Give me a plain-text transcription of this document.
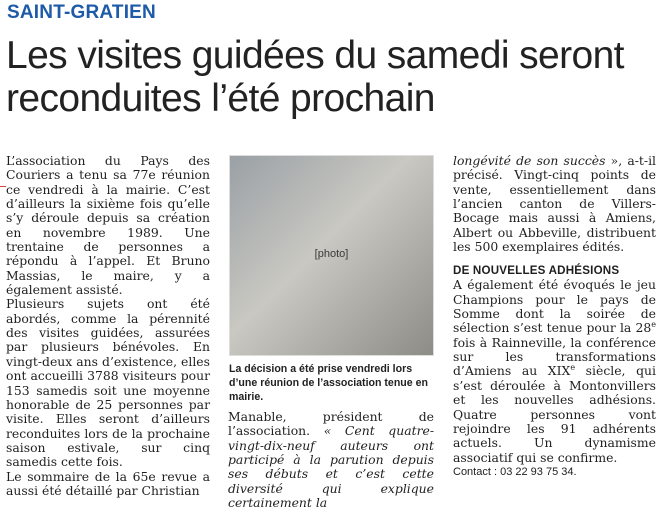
SAINT-GRATIEN
Les visites guidées du samedi seront reconduites l’été prochain

L’association du Pays des Couriers a tenu sa 77e réunion ce vendredi à la mairie. C’est d’ailleurs la sixième fois qu’elle s’y déroule depuis sa création en novembre 1989. Une trentaine de personnes a répondu à l’appel. Et Bruno Massias, le maire, y a également assisté.

Plusieurs sujets ont été abordés, comme la pérennité des visites guidées, assurées par plusieurs bénévoles. En vingt-deux ans d’existence, elles ont accueilli 3788 visiteurs pour 153 samedis soit une moyenne honorable de 25 personnes par visite. Elles seront d’ailleurs reconduites lors de la prochaine saison estivale, sur cinq samedis cette fois.

Le sommaire de la 65e revue a aussi été détaillé par Christian

[photo]

La décision a été prise vendredi lors d’une réunion de l’association tenue en mairie.

Manable, président de l’association. « Cent quatre-vingt-dix-neuf auteurs ont participé à la parution depuis ses débuts et c’est cette diversité qui explique certainement la

longévité de son succès », a-t-il précisé. Vingt-cinq points de vente, essentiellement dans l’ancien canton de Villers-Bocage mais aussi à Amiens, Albert ou Abbeville, distribuent les 500 exemplaires édités.

DE NOUVELLES ADHÉSIONS

A également été évoqués le jeu Champions pour le pays de Somme dont la soirée de sélection s’est tenue pour la 28e fois à Rainneville, la conférence sur les transformations d’Amiens au XIXe siècle, qui s’est déroulée à Montonvillers et les nouvelles adhésions. Quatre personnes vont rejoindre les 91 adhérents actuels. Un dynamisme associatif qui se confirme.

Contact : 03 22 93 75 34.
